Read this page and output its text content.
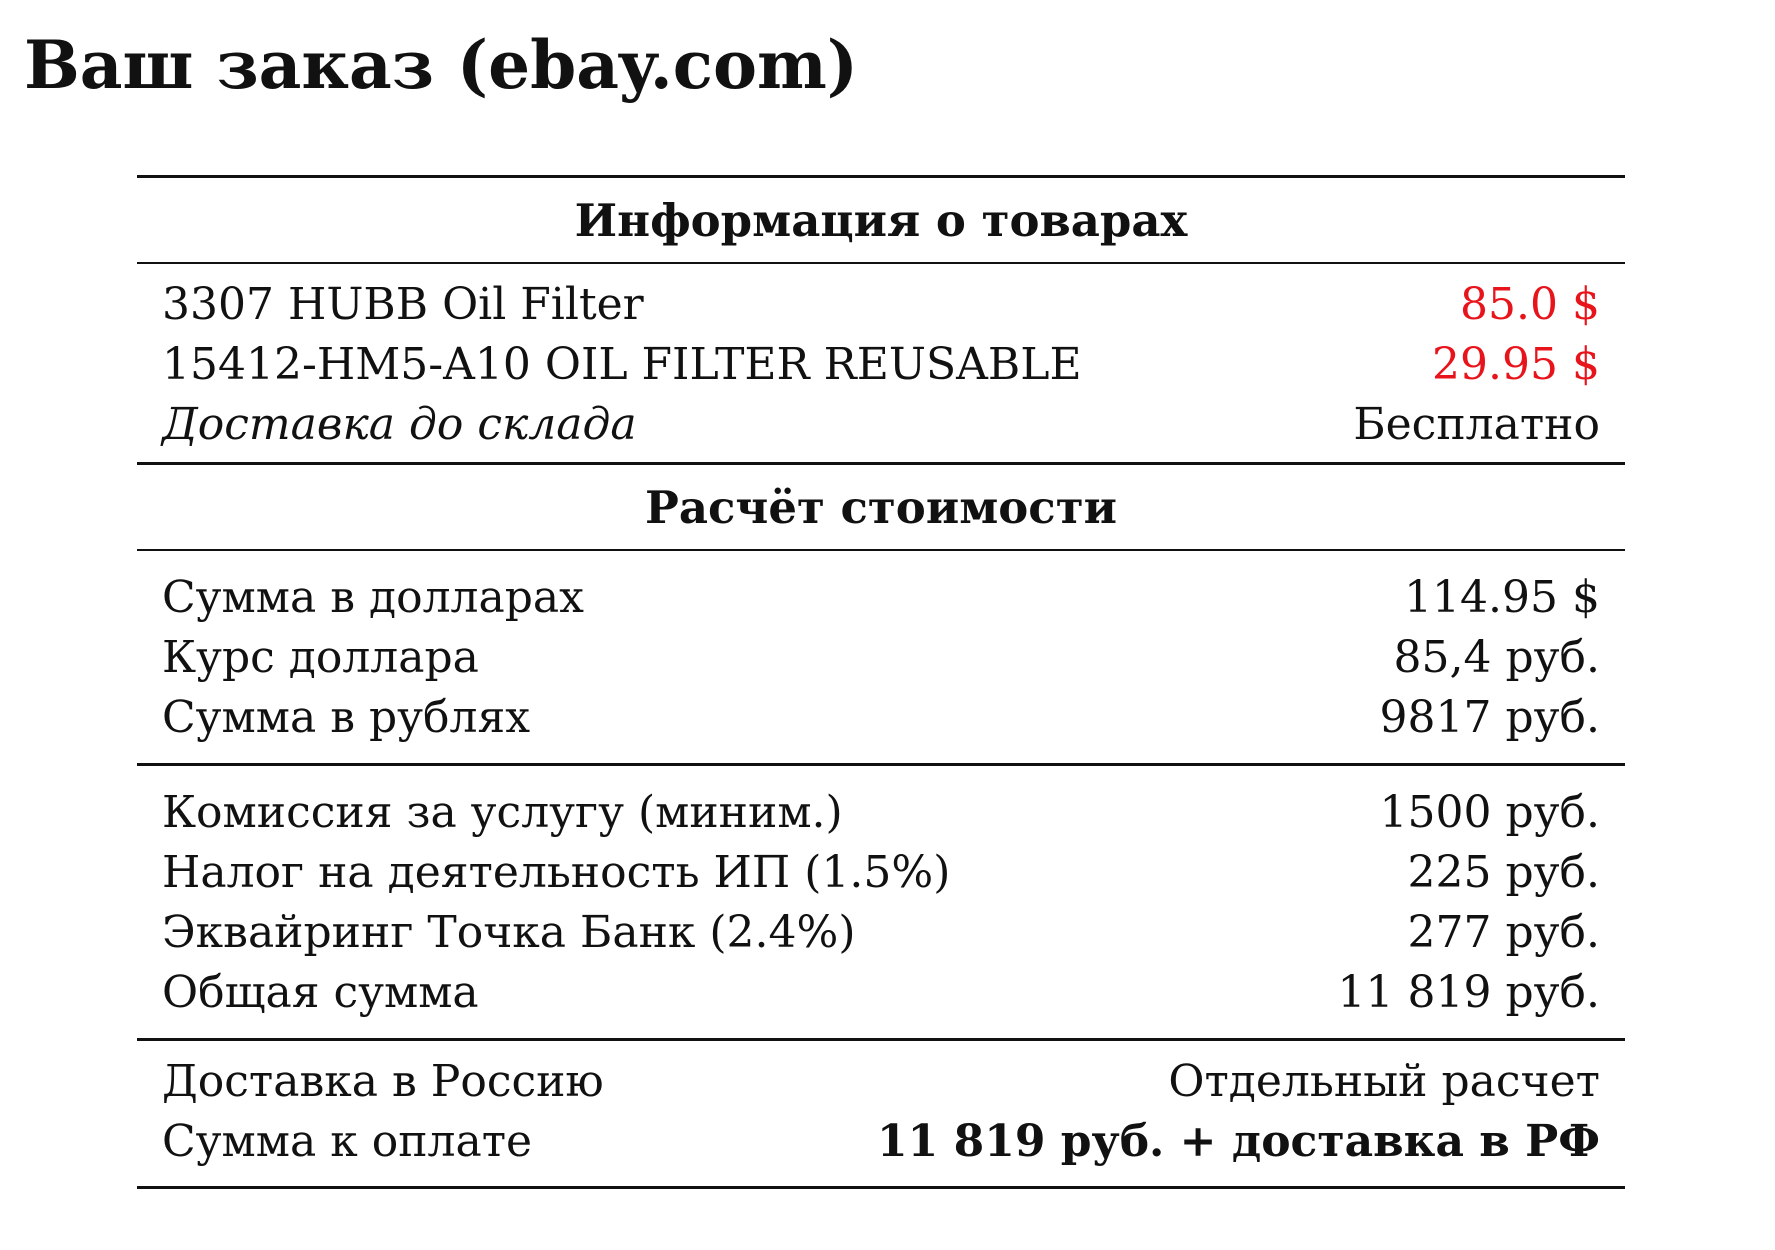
Ваш заказ (ebay.com)
Информация о товарах
3307 HUBB Oil Filter	85.0 $
15412-HM5-A10 OIL FILTER REUSABLE	29.95 $
Доставка до склада	Бесплатно
Расчёт стоимости
Сумма в долларах	114.95 $
Курс доллара	85,4 руб.
Сумма в рублях	9817 руб.
Комиссия за услугу (миним.)	1500 руб.
Налог на деятельность ИП (1.5%)	225 руб.
Эквайринг Точка Банк (2.4%)	277 руб.
Общая сумма	11 819 руб.
Доставка в Россию	Отдельный расчет
Сумма к оплате	11 819 руб. + доставка в РФ
